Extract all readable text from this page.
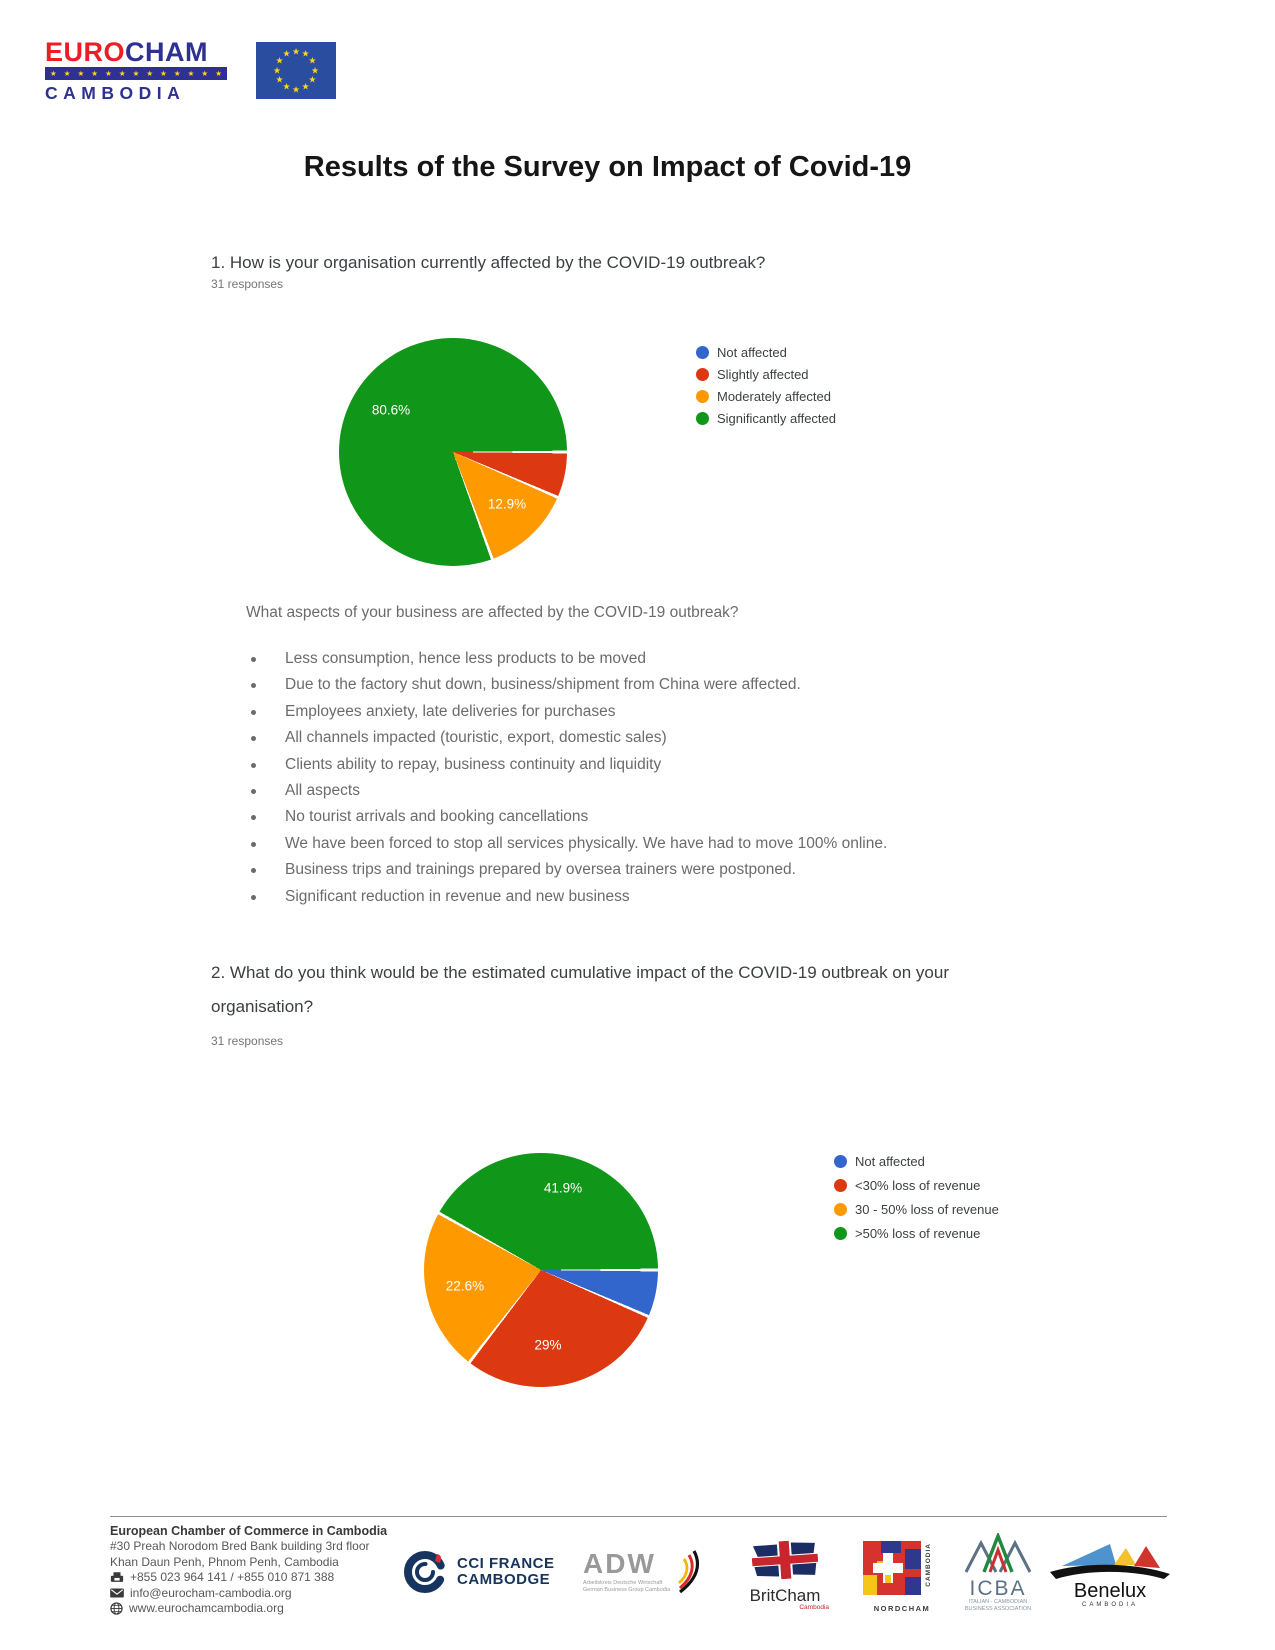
EUROCHAM
★ ★ ★ ★ ★ ★ ★ ★ ★ ★ ★ ★ ★
CAMBODIA
★ ★
★
★
★
★
★
★
★
★
★
★
Results of the Survey on Impact of Covid-19
1. How is your organisation currently affected by the COVID-19 outbreak?
31 responses
12.9%
80.6%
Not affected
Slightly affected
Moderately affected
Significantly affected
What aspects of your business are affected by the COVID-19 outbreak?
Less consumption, hence less products to be moved
Due to the factory shut down, business/shipment from China were affected.
Employees anxiety, late deliveries for purchases
All channels impacted (touristic, export, domestic sales)
Clients ability to repay, business continuity and liquidity
All aspects
No tourist arrivals and booking cancellations
We have been forced to stop all services physically. We have had to move 100% online.
Business trips and trainings prepared by oversea trainers were postponed.
Significant reduction in revenue and new business
2. What do you think would be the estimated cumulative impact of the COVID-19 outbreak on your organisation?
31 responses
29%
22.6%
41.9%
Not affected
<30% loss of revenue
30 - 50% loss of revenue
>50% loss of revenue
European Chamber of Commerce in Cambodia
#30 Preah Norodom Bred Bank building 3rd floor
Khan Daun Penh, Phnom Penh, Cambodia
+855 023 964 141 / +855 010 871 388
info@eurocham-cambodia.org
www.eurochamcambodia.org
CCI FRANCE
CAMBODGE
ADW
Arbeitskreis Deutsche Wirtschaft
German Business Group Cambodia	BritCham
Cambodia	NORDCHAM
CAMBODIA
ICBA
ITALIAN - CAMBODIAN
BUSINESS ASSOCIATION
Benelux
CAMBODIA
